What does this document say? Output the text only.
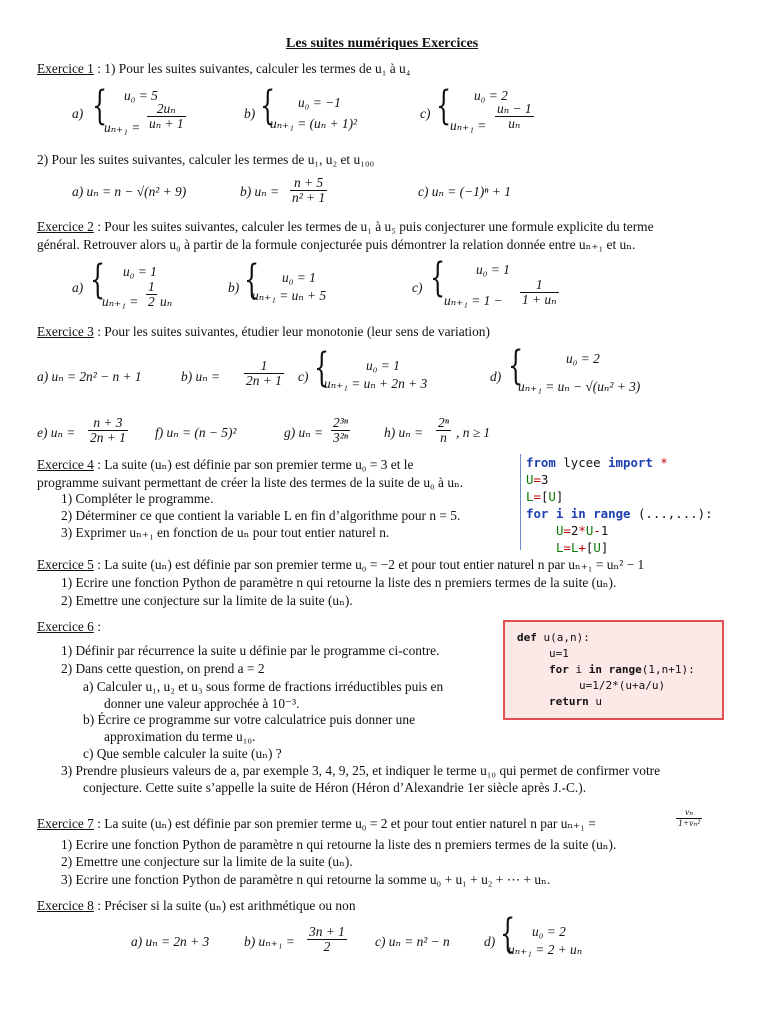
Les suites numériques Exercices
Exercice 1 : 1) Pour les suites suivantes, calculer les termes de u₁ à u₄
a) { u₀ = 5
$u_{n+1} = \frac{\text{2uₙ}}{\text{uₙ + 1}}$	b) { u₀ = −1
uₙ₊₁ = (uₙ + 1)²
c) { u₀ = 2
$u_{n+1} = \frac{\text{uₙ − 1}}{\text{uₙ}}$
2) Pour les suites suivantes, calculer les termes de u₁, u₂ et u₁₀₀
a) uₙ = n − √(n² + 9)	b) $u_n = \frac{n + 5}{\text{n² + 1}}$	c) uₙ = (−1)ⁿ + 1
Exercice 2 : Pour les suites suivantes, calculer les termes de u₁ à u₅ puis conjecturer une formule explicite du terme
général. Retrouver alors u₀ à partir de la formule conjecturée puis démontrer la relation donnée entre uₙ₊₁ et uₙ.
a) { u₀ = 1
$u_{n+1} = \frac{1}{2}$ uₙ
b) { u₀ = 1
uₙ₊₁ = uₙ + 5
c) { u₀ = 1
$u_{n+1} = 1 - \frac{1}{\text{1 + uₙ}}$
Exercice 3 : Pour les suites suivantes, étudier leur monotonie (leur sens de variation)
a) uₙ = 2n² − n + 1	b) $u_n = \frac{1}{2n + 1} c$) {	u₀ = 1
uₙ₊₁ = uₙ + 2n + 3	d) {	u₀ = 2
uₙ₊₁ = uₙ − √(uₙ² + 3)
e) $u_n = \frac{n + 3}{2n + 1} f$) uₙ = (n − 5)²	g) $u_n = \frac{\text{2³ⁿ}}{\text{3²ⁿ}}$	h) $u_n = \frac{\text{2ⁿ}}{n}$ , n ≥ 1
Exercice 4 : La suite (uₙ) est définie par son premier terme u₀ = 3 et le
programme suivant permettant de créer la liste des termes de la suite de u₀ à uₙ.
1) Compléter le programme.
2) Déterminer ce que contient la variable L en fin d’algorithme pour n = 5.
3) Exprimer uₙ₊₁ en fonction de uₙ pour tout entier naturel n.
from lycee import *
U=3
L=[U]
for i in range (...,...):
U=2*U-1
L=L+[U]
Exercice 5 : La suite (uₙ) est définie par son premier terme u₀ = −2 et pour tout entier naturel n par uₙ₊₁ = uₙ² − 1
1) Ecrire une fonction Python de paramètre n qui retourne la liste des n premiers termes de la suite (uₙ).
2) Emettre une conjecture sur la limite de la suite (uₙ).
Exercice 6 :
1) Définir par récurrence la suite u définie par le programme ci-contre.
2) Dans cette question, on prend a = 2
a) Calculer u₁, u₂ et u₃ sous forme de fractions irréductibles puis en
donner une valeur approchée à 10⁻³.
b) Écrire ce programme sur votre calculatrice puis donner une
approximation du terme u₁₀.
c) Que semble calculer la suite (uₙ) ?
3) Prendre plusieurs valeurs de a, par exemple 3, 4, 9, 25, et indiquer le terme u₁₀ qui permet de confirmer votre
conjecture. Cette suite s’appelle la suite de Héron (Héron d’Alexandrie 1er siècle après J.-C.).
def u(a,n):
u=1
for i in range(1,n+1):
u=1/2*(u+a/u)
return u
Exercice 7 : La suite (uₙ) est définie par son premier terme u₀ = 2 et pour tout entier naturel n par uₙ₊₁ =	$\frac{\text{vₙ}}{\text{1+vₙ²}}$
1) Ecrire une fonction Python de paramètre n qui retourne la liste des n premiers termes de la suite (uₙ).
2) Emettre une conjecture sur la limite de la suite (uₙ).
3) Ecrire une fonction Python de paramètre n qui retourne la somme u₀ + u₁ + u₂ + ⋯ + uₙ.
Exercice 8 : Préciser si la suite (uₙ) est arithmétique ou non
a) uₙ = 2n + 3	b) $u_{n+1} = \frac{3n + 1}{2} c$) uₙ = n² − n	d) { u₀ = 2
uₙ₊₁ = 2 + uₙ
